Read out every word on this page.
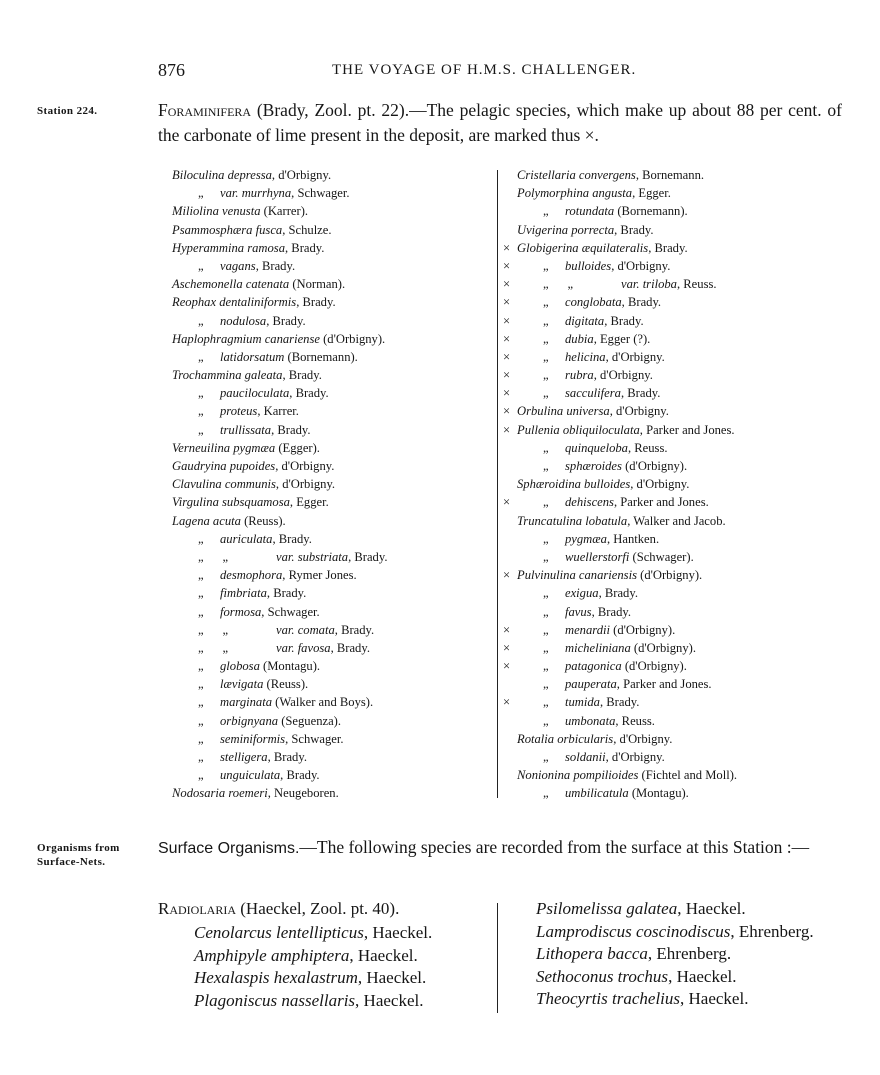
876	THE VOYAGE OF H.M.S. CHALLENGER.
Station 224.	Foraminifera (Brady, Zool. pt. 22).—The pelagic species, which make up about 88 per cent. of the carbonate of lime present in the deposit, are marked thus ×.
Biloculina depressa, d'Orbigny.
„ var. murrhyna, Schwager.
Miliolina venusta (Karrer).
Psammosphæra fusca, Schulze.
Hyperammina ramosa, Brady.
„ vagans, Brady.
Aschemonella catenata (Norman).
Reophax dentaliniformis, Brady.
„ nodulosa, Brady.
Haplophragmium canariense (d'Orbigny).
„ latidorsatum (Bornemann).
Trochammina galeata, Brady.
„ pauciloculata, Brady.
„ proteus, Karrer.
„ trullissata, Brady.
Verneuilina pygmæa (Egger).
Gaudryina pupoides, d'Orbigny.
Clavulina communis, d'Orbigny.
Virgulina subsquamosa, Egger.
Lagena acuta (Reuss).
„ auriculata, Brady.
„      „	var. substriata, Brady.
„ desmophora, Rymer Jones.
„ fimbriata, Brady.
„ formosa, Schwager.
„      „	var. comata, Brady.
„      „	var. favosa, Brady.
„ globosa (Montagu).
„ lævigata (Reuss).
„ marginata (Walker and Boys).
„ orbignyana (Seguenza).
„ seminiformis, Schwager.
„ stelligera, Brady.
„ unguiculata, Brady.
Nodosaria roemeri, Neugeboren.
Cristellaria convergens, Bornemann.
Polymorphina angusta, Egger.
„ rotundata (Bornemann).
Uvigerina porrecta, Brady.
× Globigerina æquilateralis, Brady.
×	„ bulloides, d'Orbigny.
×	„      „	var. triloba, Reuss.
×	„ conglobata, Brady.
×	„ digitata, Brady.
×	„ dubia, Egger (?).
×	„ helicina, d'Orbigny.
×	„ rubra, d'Orbigny.
×	„ sacculifera, Brady.
× Orbulina universa, d'Orbigny.
× Pullenia obliquiloculata, Parker and Jones.
„ quinqueloba, Reuss.
„ sphæroides (d'Orbigny).
Sphæroidina bulloides, d'Orbigny.
×	„ dehiscens, Parker and Jones.
Truncatulina lobatula, Walker and Jacob.
„ pygmæa, Hantken.
„ wuellerstorfi (Schwager).
× Pulvinulina canariensis (d'Orbigny).
„ exigua, Brady.
„ favus, Brady.
×	„ menardii (d'Orbigny).
×	„ micheliniana (d'Orbigny).
×	„ patagonica (d'Orbigny).
„ pauperata, Parker and Jones.
×	„ tumida, Brady.
„ umbonata, Reuss.
Rotalia orbicularis, d'Orbigny.
„ soldanii, d'Orbigny.
Nonionina pompilioides (Fichtel and Moll).
„ umbilicatula (Montagu).
Organisms from
Surface-Nets.
Surface Organisms.—The following species are recorded from the surface at this Station :—
Radiolaria (Haeckel, Zool. pt. 40).
Cenolarcus lentellipticus, Haeckel.
Amphipyle amphiptera, Haeckel.
Hexalaspis hexalastrum, Haeckel.
Plagoniscus nassellaris, Haeckel.
Psilomelissa galatea, Haeckel.
Lamprodiscus coscinodiscus, Ehrenberg.
Lithopera bacca, Ehrenberg.
Sethoconus trochus, Haeckel.
Theocyrtis trachelius, Haeckel.
